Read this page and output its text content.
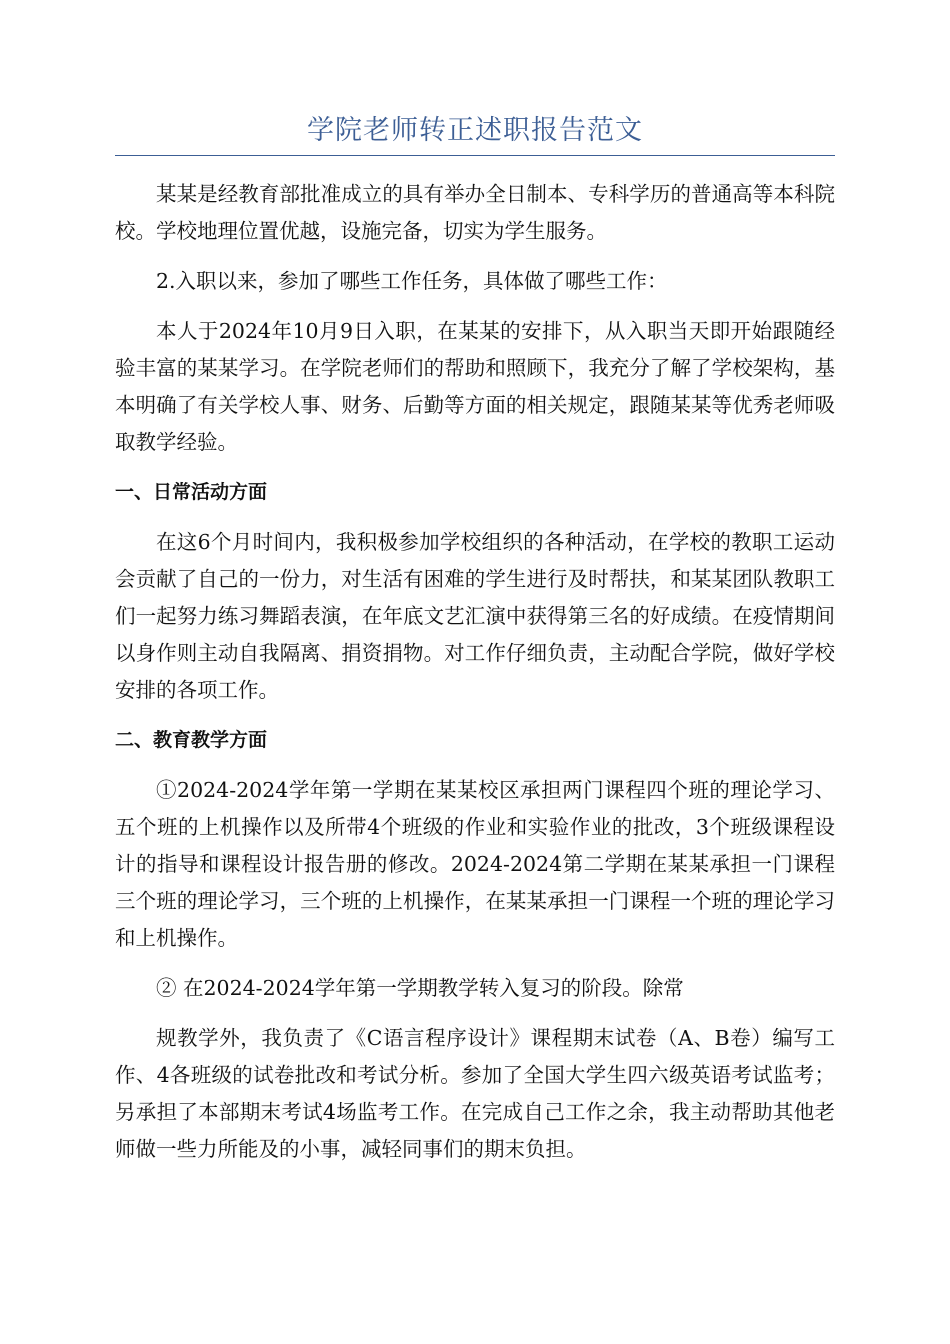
学院老师转正述职报告范文

某某是经教育部批准成立的具有举办全日制本、专科学历的普通高等本科院校。学校地理位置优越，设施完备，切实为学生服务。

2.入职以来，参加了哪些工作任务，具体做了哪些工作：

本人于2024年10月9日入职，在某某的安排下，从入职当天即开始跟随经验丰富的某某学习。在学院老师们的帮助和照顾下，我充分了解了学校架构，基本明确了有关学校人事、财务、后勤等方面的相关规定，跟随某某等优秀老师吸取教学经验。

一、日常活动方面

在这6个月时间内，我积极参加学校组织的各种活动，在学校的教职工运动会贡献了自己的一份力，对生活有困难的学生进行及时帮扶，和某某团队教职工们一起努力练习舞蹈表演，在年底文艺汇演中获得第三名的好成绩。在疫情期间以身作则主动自我隔离、捐资捐物。对工作仔细负责，主动配合学院，做好学校安排的各项工作。

二、教育教学方面

①2024-2024学年第一学期在某某校区承担两门课程四个班的理论学习、五个班的上机操作以及所带4个班级的作业和实验作业的批改，3个班级课程设计的指导和课程设计报告册的修改。2024-2024第二学期在某某承担一门课程三个班的理论学习，三个班的上机操作，在某某承担一门课程一个班的理论学习和上机操作。

② 在2024-2024学年第一学期教学转入复习的阶段。除常

规教学外，我负责了《C语言程序设计》课程期末试卷（A、B卷）编写工作、4各班级的试卷批改和考试分析。参加了全国大学生四六级英语考试监考；另承担了本部期末考试4场监考工作。在完成自己工作之余，我主动帮助其他老师做一些力所能及的小事，减轻同事们的期末负担。
